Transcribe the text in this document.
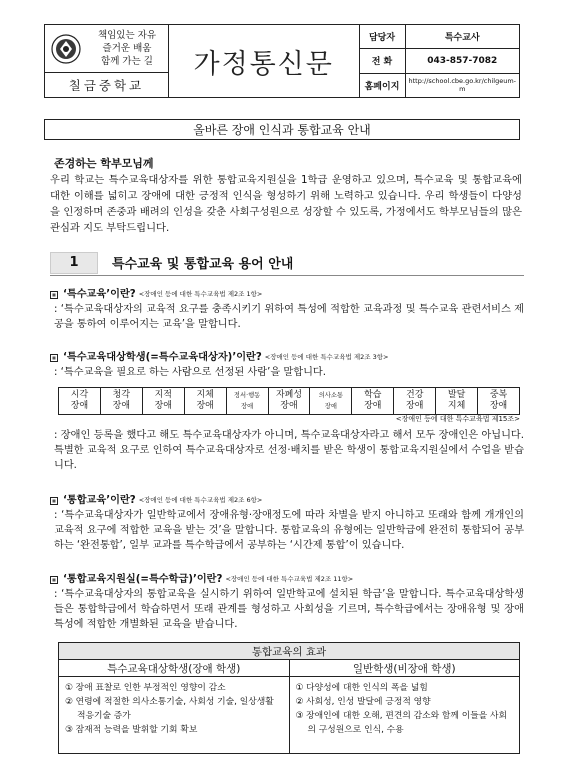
책임있는 자유
즐거운 배움
함께 가는 길
칠금중학교
가정통신문
담당자	특수교사
전 화	043-857-7082
홈페이지
http://school.cbe.go.kr/chilgeum-m
올바른 장애 인식과 통합교육 안내
존경하는 학부모님께
우리 학교는 특수교육대상자를 위한 통합교육지원실을 1학급 운영하고 있으며, 특수교육 및 통합교육에 대한 이해를 넓히고 장애에 대한 긍정적 인식을 형성하기 위해 노력하고 있습니다. 우리 학생들이 다양성을 인정하며 존중과 배려의 인성을 갖춘 사회구성원으로 성장할 수 있도록, 가정에서도 학부모님들의 많은 관심과 지도 부탁드립니다.
1	특수교육 및 통합교육 용어 안내
‘특수교육’이란? <장애인 등에 대한 특수교육법 제2조 1항>
: ‘특수교육대상자의 교육적 요구를 충족시키기 위하여 특성에 적합한 교육과정 및 특수교육 관련서비스 제공을 통하여 이루어지는 교육’을 말합니다.
‘특수교육대상학생(=특수교육대상자)’이란? <장애인 등에 대한 특수교육법 제2조 3항>
: ‘특수교육을 필요로 하는 사람으로 선정된 사람’을 말합니다.
시각
장애

청각
장애

지적
장애

지체
장애

정서·행동
장애

자폐성
장애

의사소통
장애

학습
장애

건강
장애

발달
지체

중복
장애
<장애인 등에 대한 특수교육법 제15조>
: 장애인 등록을 했다고 해도 특수교육대상자가 아니며, 특수교육대상자라고 해서 모두 장애인은 아닙니다. 특별한 교육적 요구로 인하여 특수교육대상자로 선정·배치를 받은 학생이 통합교육지원실에서 수업을 받습니다.
‘통합교육’이란? <장애인 등에 대한 특수교육법 제2조 6항>
: ‘특수교육대상자가 일반학교에서 장애유형·장애정도에 따라 차별을 받지 아니하고 또래와 함께 개개인의 교육적 요구에 적합한 교육을 받는 것’을 말합니다. 통합교육의 유형에는 일반학급에 완전히 통합되어 공부하는 ‘완전통합’, 일부 교과를 특수학급에서 공부하는 ‘시간제 통합’이 있습니다.
‘통합교육지원실(=특수학급)’이란? <장애인 등에 대한 특수교육법 제2조 11항>
: ‘특수교육대상자의 통합교육을 실시하기 위하여 일반학교에 설치된 학급’을 말합니다. 특수교육대상학생들은 통합학급에서 학습하면서 또래 관계를 형성하고 사회성을 기르며, 특수학급에서는 장애유형 및 장애특성에 적합한 개별화된 교육을 받습니다.
통합교육의 효과
특수교육대상학생(장애 학생)	일반학생(비장애 학생)
① 장애 표찰로 인한 부정적인 영향이 감소
② 연령에 적절한 의사소통기술, 사회성 기술, 일상생활 적응기술 증가
③ 잠재적 능력을 발휘할 기회 확보
① 다양성에 대한 인식의 폭을 넓힘
② 사회성, 인성 발달에 긍정적 영향
③ 장애인에 대한 오해, 편견의 감소와 함께 이들을 사회의 구성원으로 인식, 수용
